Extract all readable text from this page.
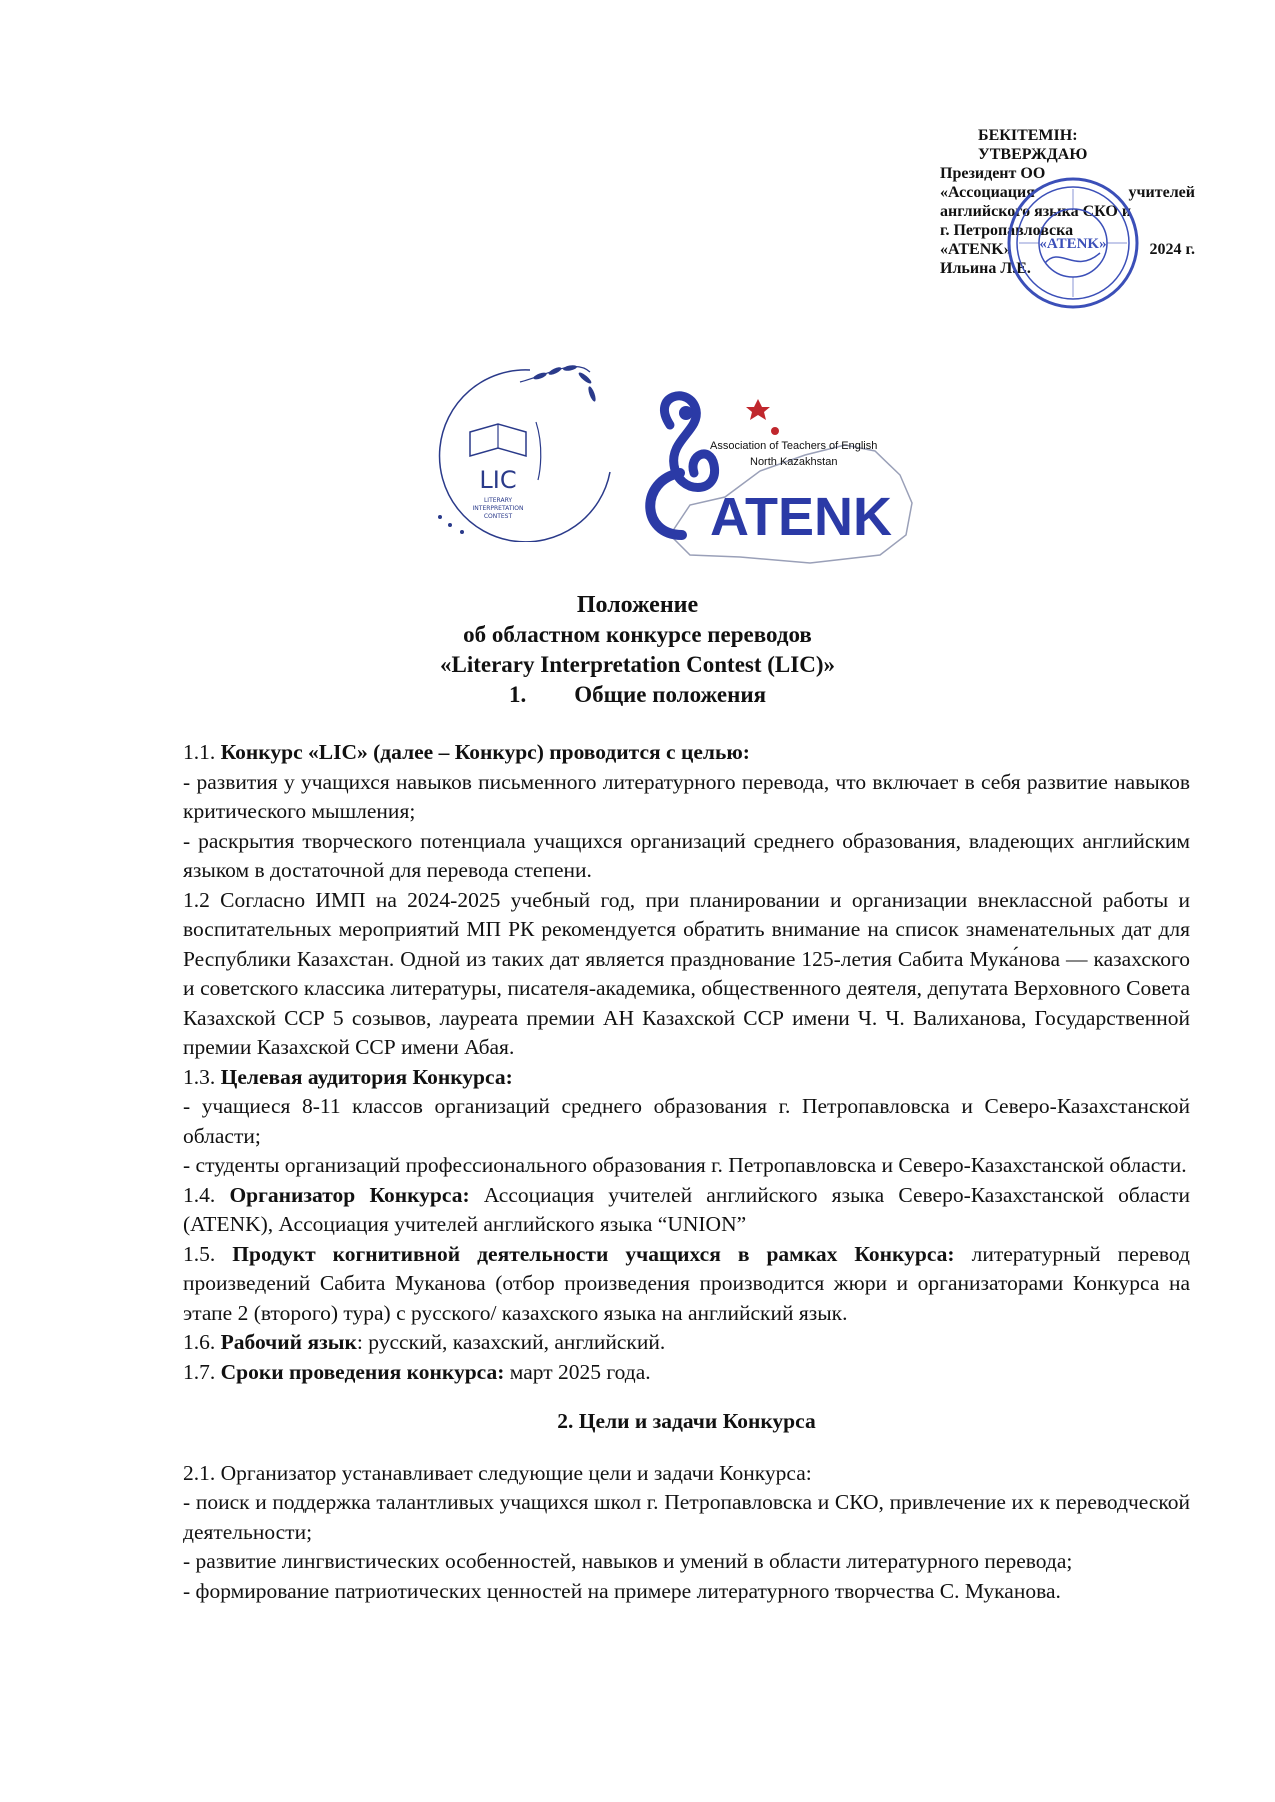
БЕКІТЕМІН:
УТВЕРЖДАЮ
Президент ОО
«Ассоциация	учителей
английского языка СКО и
г. Петропавловска
«ATENK»	2024 г.
Ильина Л.Е.
«ATENK»
LIC
LITERARY
INTERPRETATION
CONTEST
Association of Teachers of English
North Kazakhstan
ATENK
Положение
об областном конкурсе переводов
«Literary Interpretation Contest (LIC)»
1. Общие положения

1.1. Конкурс «LIC» (далее – Конкурс) проводится с целью:

- развития у учащихся навыков письменного литературного перевода, что включает в себя развитие навыков критического мышления;

- раскрытия творческого потенциала учащихся организаций среднего образования, владеющих английским языком в достаточной для перевода степени.

1.2 Согласно ИМП на 2024-2025 учебный год, при планировании и организации внеклассной работы и воспитательных мероприятий МП РК рекомендуется обратить внимание на список знаменательных дат для Республики Казахстан. Одной из таких дат является празднование 125-летия Сабита Мука́нова — казахского и советского классика литературы, писателя-академика, общественного деятеля, депутата Верховного Совета Казахской ССР 5 созывов, лауреата премии АН Казахской ССР имени Ч. Ч. Валиханова, Государственной премии Казахской ССР имени Абая.

1.3. Целевая аудитория Конкурса:

- учащиеся 8-11 классов организаций среднего образования г. Петропавловска и Северо-Казахстанской области;

- студенты организаций профессионального образования г. Петропавловска и Северо-Казахстанской области.

1.4. Организатор Конкурса: Ассоциация учителей английского языка Северо-Казахстанской области (ATENK), Ассоциация учителей английского языка “UNION”

1.5. Продукт когнитивной деятельности учащихся в рамках Конкурса: литературный перевод произведений Сабита Муканова (отбор произведения производится жюри и организаторами Конкурса на этапе 2 (второго) тура) с русского/ казахского языка на английский язык.

1.6. Рабочий язык: русский, казахский, английский.

1.7. Сроки проведения конкурса: март 2025 года.

2. Цели и задачи Конкурса

2.1. Организатор устанавливает следующие цели и задачи Конкурса:

- поиск и поддержка талантливых учащихся школ г. Петропавловска и СКО, привлечение их к переводческой деятельности;

- развитие лингвистических особенностей, навыков и умений в области литературного перевода;

- формирование патриотических ценностей на примере литературного творчества С. Муканова.
